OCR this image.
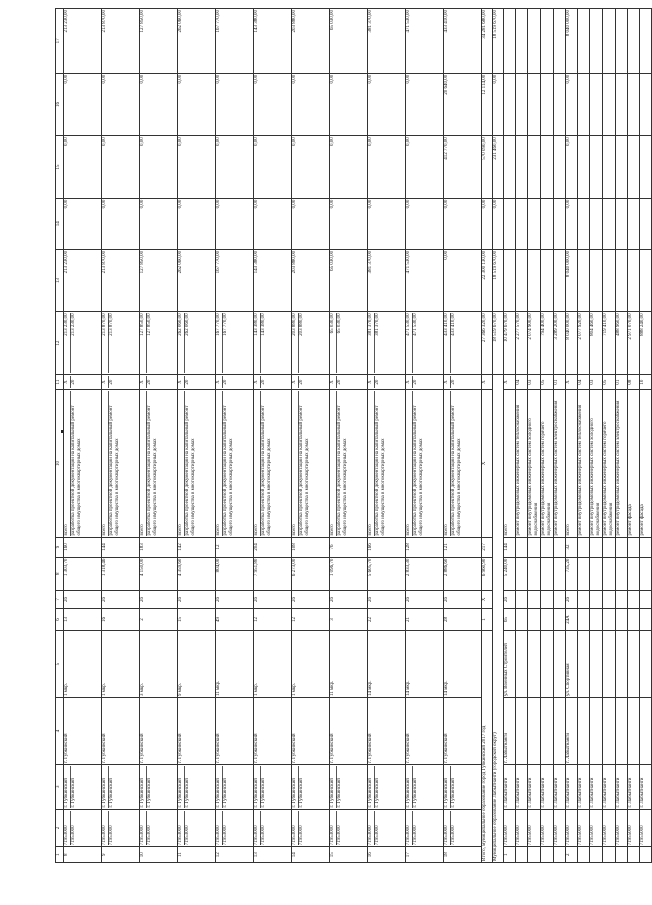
1	2	3	4	5	6	7	8	9	10	11	12	13	14	15	16	17
8	71953000 71953000	г. Губкинский г. Губкинский	г. Губкинский	1 мкр.	13	2б	1 303,70	160	всего разработка проектной документации на капитальный ремонт общего имущества в многоквартирных домах	X 20	213 230,00 213 230,00	213 230,00	0,00	0,00	0,00	213 230,00
9	71953000 71953000	г. Губкинский г. Губкинский	г. Губкинский	1 мкр.	16	2б	1 318,46	144	всего разработка проектной документации на капитальный ремонт общего имущества в многоквартирных домах	X 20	213 870,00 213 870,00	213 870,00	0,00	0,00	0,00	213 870,00
10	71953000 71953000	г. Губкинский г. Губкинский	г. Губкинский	3 мкр.	2	2б	4 150,00	183	всего разработка проектной документации на капитальный ремонт общего имущества в многоквартирных домах	X 20	127 850,00 127 850,00	127 850,00	0,00	0,00	0,00	127 850,00
11	71953000 71953000	г. Губкинский г. Губкинский	г. Губкинский	9 мкр.	15	2б	4 359,60	142	всего разработка проектной документации на капитальный ремонт общего имущества в многоквартирных домах	X 20	262 060,00 262 060,00	262 060,00	0,00	0,00	0,00	262 060,00
12	71953000 71953000	г. Губкинский г. Губкинский	г. Губкинский	11 мкр.	49	2б	804,00	12	всего разработка проектной документации на капитальный ремонт общего имущества в многоквартирных домах	X 20	167 770,00 167 770,00	167 770,00	0,00	0,00	0,00	167 770,00
13	71953000 71953000	г. Губкинский г. Губкинский	г. Губкинский	1 мкр.	12	2б	7 951,80	204	всего разработка проектной документации на капитальный ремонт общего имущества в многоквартирных домах	X 20	143 380,00 143 380,00	143 380,00	0,00	0,00	0,00	143 380,00
14	71953000 71953000	г. Губкинский г. Губкинский	г. Губкинский	1 мкр.	12	2б	6 273,00	108	всего разработка проектной документации на капитальный ремонт общего имущества в многоквартирных домах	X 20	203 880,00 203 880,00	203 880,00	0,00	0,00	0,00	203 880,00
15	71953000 71953000	г. Губкинский г. Губкинский	г. Губкинский	11 мкр.	3	2б	1 096,70	76	всего разработка проектной документации на капитальный ремонт общего имущества в многоквартирных домах	X 20	65 030,00 65 030,00	65 030,00	0,00	0,00	0,00	65 030,00
16	71953000 71953000	г. Губкинский г. Губкинский	г. Губкинский	14 мкр.	22	2б	5 605,70	166	всего разработка проектной документации на капитальный ремонт общего имущества в многоквартирных домах	X 20	381 370,00 381 370,00	381 370,00	0,00	0,00	0,00	381 370,00
17	71953000 71953000	г. Губкинский г. Губкинский	г. Губкинский	14 мкр.	21	2б	2 833,30	128	всего разработка проектной документации на капитальный ремонт общего имущества в многоквартирных домах	X 20	471 530,00 471 530,00	471 530,00	0,00	0,00	0,00	471 530,00
18	71953000 71953000	г. Губкинский г. Губкинский	г. Губкинский	14 мкр.	28	2б	2 886,60	121	всего разработка проектной документации на капитальный ремонт общего имущества в многоквартирных домах	X 20	433 410,00 433 410,00	0,00	0,00	412 770,00	20 640,00	433 410,00
Итого, муниципальное образование город Губкинский 2017 год					1	X	6 960,90	217	X	X	27 366 320,00	22 300 130,00	0,00	570 090,00	12 114,00	34 281 680,00
Муниципальное образование Лабытнанги (городской округ)											18 519 670,00	18 519 670,00	0,00	231 460,00	0,00	18 519 670,00
1	71955000	г. Лабытнанги	г. Лабытнанги	ул. Военных Строителей	65	2б	5 240,00	144	всего	X	10 479 670,00					
	71955000	г. Лабытнанги							ремонт внутридомовых инженерных систем теплоснабжения	04	2 277 570,00					
	71955000	г. Лабытнанги							ремонт внутридомовых инженерных систем холодного водоснабжения	03	2 074 900,00					
	71955000	г. Лабытнанги							ремонт внутридомовых инженерных систем горячего водоснабжения	05	794 400,00					
	71955000	г. Лабытнанги							ремонт внутридомовых инженерных систем электроснабжения	01	3 289 200,00					
2	71955000	г. Лабытнанги	г. Лабытнанги	ул. Спортивная	24А	2б	735,20	32	всего	X	8 040 000,00	8 040 000,00	0,00	0,00	0,00	8 040 000,00
	71955000	г. Лабытнанги							ремонт внутридомовых инженерных систем теплоснабжения	04	2 077 920,00					
	71955000	г. Лабытнанги							ремонт внутридомовых инженерных систем холодного водоснабжения	03	804 460,00					
	71955000	г. Лабытнанги							ремонт внутридомовых инженерных систем горячего водоснабжения	05	719 410,00					
	71955000	г. Лабытнанги							ремонт внутридомовых инженерных систем электроснабжения	01	488 960,00					
	71955000	г. Лабытнанги							ремонт фасада	08	2 971 070,00					
	71955000	г. Лабытнанги							ремонт фасада	10	888 240,00					
